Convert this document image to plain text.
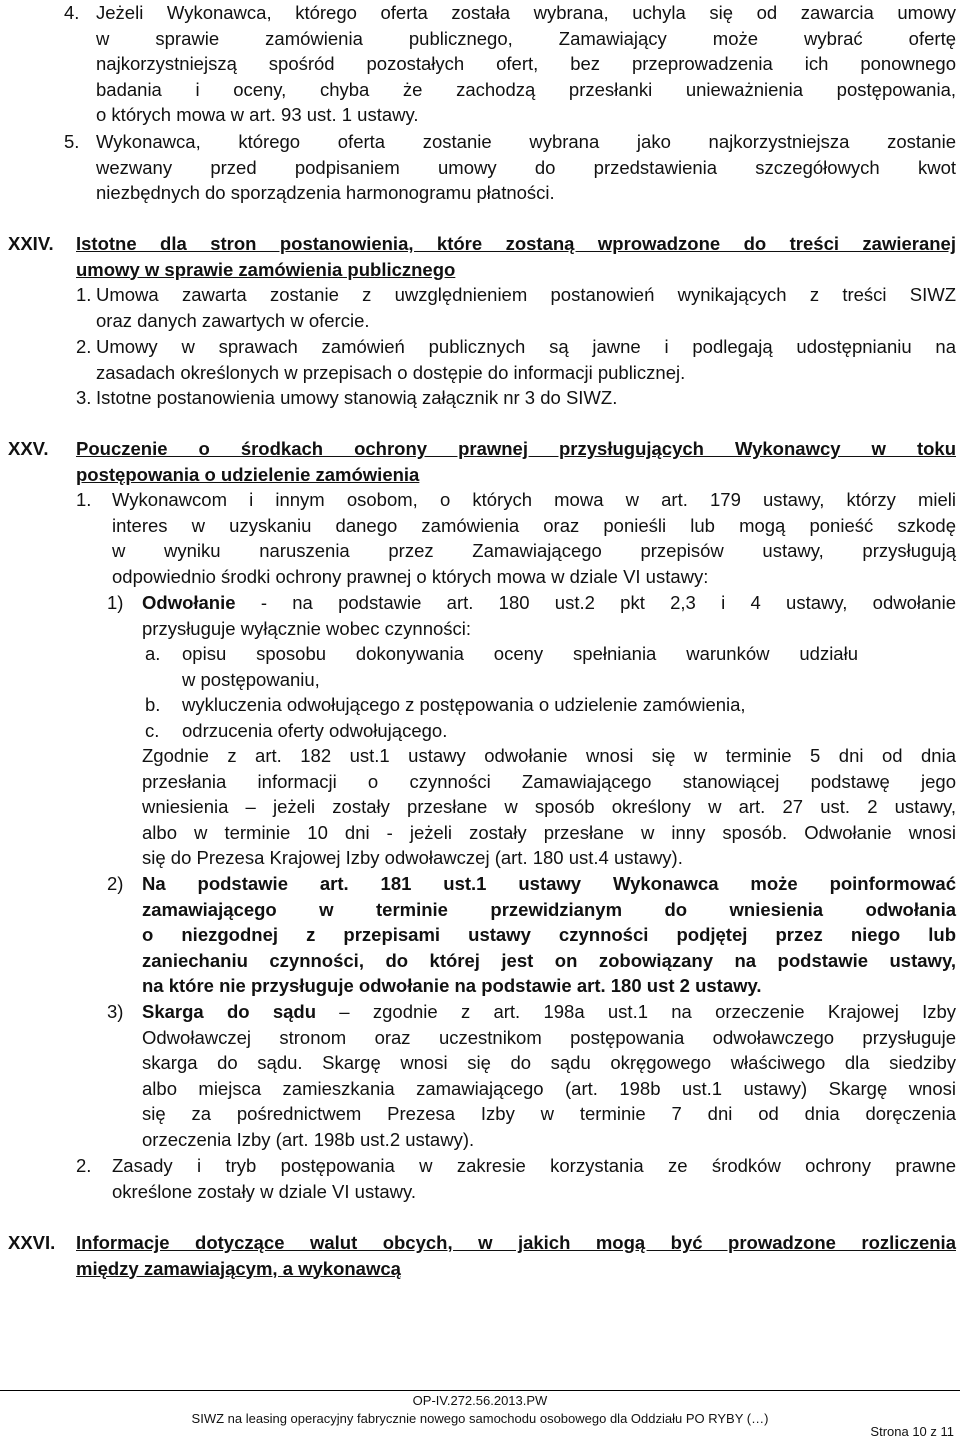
4. Jeżeli Wykonawca, którego oferta została wybrana, uchyla się od zawarcia umowy
w sprawie zamówienia publicznego, Zamawiający może wybrać ofertę
najkorzystniejszą spośród pozostałych ofert, bez przeprowadzenia ich ponownego
badania i oceny, chyba że zachodzą przesłanki unieważnienia postępowania,
o których mowa w art. 93 ust. 1 ustawy.
5. Wykonawca, którego oferta zostanie wybrana jako najkorzystniejsza zostanie
wezwany przed podpisaniem umowy do przedstawienia szczegółowych kwot
niezbędnych do sporządzenia harmonogramu płatności.
XXIV. Istotne dla stron postanowienia, które zostaną wprowadzone do treści zawieranej
umowy w sprawie zamówienia publicznego
1. Umowa zawarta zostanie z uwzględnieniem postanowień wynikających z treści SIWZ
oraz danych zawartych w ofercie.
2. Umowy w sprawach zamówień publicznych są jawne i podlegają udostępnianiu na
zasadach określonych w przepisach o dostępie do informacji publicznej.
3. Istotne postanowienia umowy stanowią załącznik nr 3 do SIWZ.
XXV. Pouczenie o środkach ochrony prawnej przysługujących Wykonawcy w toku
postępowania o udzielenie zamówienia
1. Wykonawcom i innym osobom, o których mowa w art. 179 ustawy, którzy mieli
interes w uzyskaniu danego zamówienia oraz ponieśli lub mogą ponieść szkodę
w wyniku naruszenia przez Zamawiającego przepisów ustawy, przysługują
odpowiednio środki ochrony prawnej o których mowa w dziale VI ustawy:
1) Odwołanie - na podstawie art. 180 ust.2 pkt 2,3 i 4 ustawy, odwołanie
przysługuje wyłącznie wobec czynności:
a. opisu sposobu dokonywania oceny spełniania warunków udziału
w postępowaniu,
b. wykluczenia odwołującego z postępowania o udzielenie zamówienia,
c. odrzucenia oferty odwołującego.
Zgodnie z art. 182 ust.1 ustawy odwołanie wnosi się w terminie 5 dni od dnia
przesłania informacji o czynności Zamawiającego stanowiącej podstawę jego
wniesienia – jeżeli zostały przesłane w sposób określony w art. 27 ust. 2 ustawy,
albo w terminie 10 dni - jeżeli zostały przesłane w inny sposób. Odwołanie wnosi
się do Prezesa Krajowej Izby odwoławczej (art. 180 ust.4 ustawy).
2) Na podstawie art. 181 ust.1 ustawy Wykonawca może poinformować
zamawiającego w terminie przewidzianym do wniesienia odwołania
o niezgodnej z przepisami ustawy czynności podjętej przez niego lub
zaniechaniu czynności, do której jest on zobowiązany na podstawie ustawy,
na które nie przysługuje odwołanie na podstawie art. 180 ust 2 ustawy.
3) Skarga do sądu – zgodnie z art. 198a ust.1 na orzeczenie Krajowej Izby
Odwoławczej stronom oraz uczestnikom postępowania odwoławczego przysługuje
skarga do sądu. Skargę wnosi się do sądu okręgowego właściwego dla siedziby
albo miejsca zamieszkania zamawiającego (art. 198b ust.1 ustawy) Skargę wnosi
się za pośrednictwem Prezesa Izby w terminie 7 dni od dnia doręczenia
orzeczenia Izby (art. 198b ust.2 ustawy).
2. Zasady i tryb postępowania w zakresie korzystania ze środków ochrony prawne
określone zostały w dziale VI ustawy.
XXVI. Informacje dotyczące walut obcych, w jakich mogą być prowadzone rozliczenia
między zamawiającym, a wykonawcą
OP-IV.272.56.2013.PW
SIWZ na leasing operacyjny fabrycznie nowego samochodu osobowego dla Oddziału PO RYBY (…)
Strona 10 z 11
